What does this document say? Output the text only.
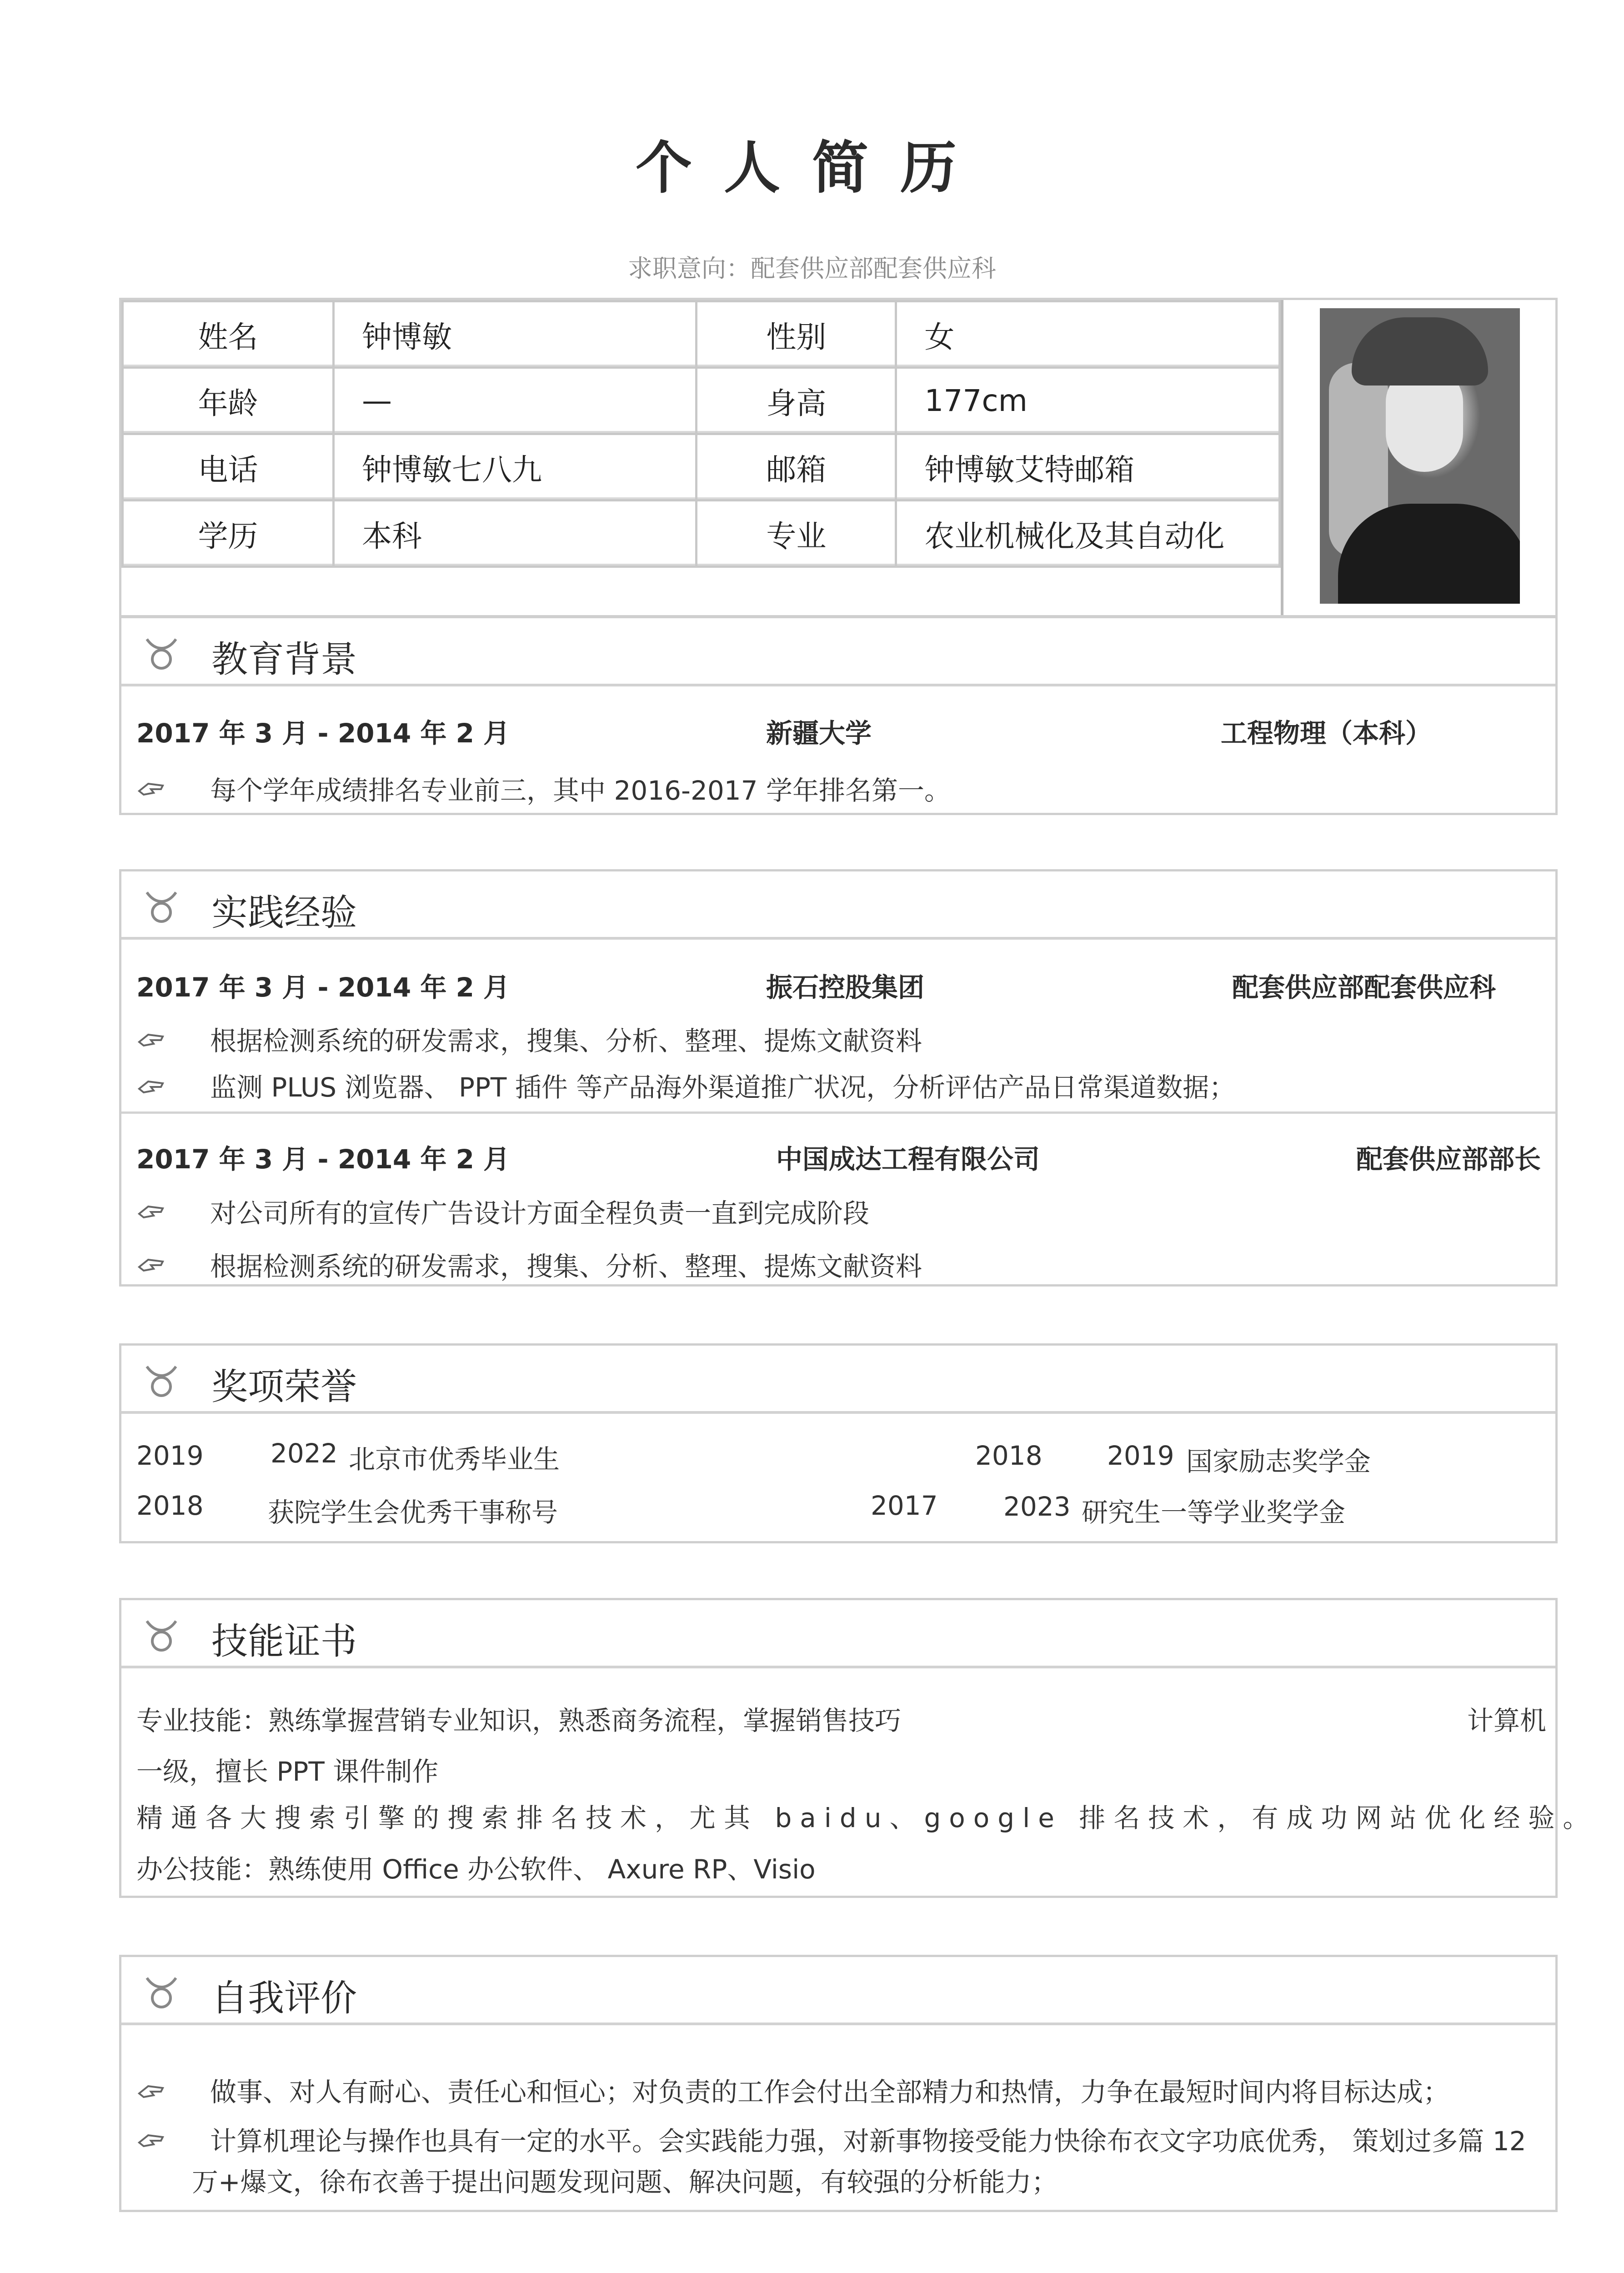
个人简历
求职意向：配套供应部配套供应科
姓名	钟博敏	性别	女
年龄	—	身高	177cm
电话	钟博敏七八九	邮箱	钟博敏艾特邮箱
学历	本科	专业	农业机械化及其自动化
教育背景
2017 年 3 月 - 2014 年 2 月	新疆大学	工程物理（本科）
每个学年成绩排名专业前三，其中 2016-2017 学年排名第一。
实践经验
2017 年 3 月 - 2014 年 2 月	振石控股集团	配套供应部配套供应科
根据检测系统的研发需求，搜集、分析、整理、提炼文献资料
监测 PLUS 浏览器、 PPT 插件 等产品海外渠道推广状况，分析评估产品日常渠道数据；
2017 年 3 月 - 2014 年 2 月	中国成达工程有限公司	配套供应部部长
对公司所有的宣传广告设计方面全程负责一直到完成阶段
根据检测系统的研发需求，搜集、分析、整理、提炼文献资料
奖项荣誉
2019	2022 北京市优秀毕业生	2018 2019 国家励志奖学金
2018 获院学生会优秀干事称号	2017 2023 研究生一等学业奖学金
技能证书
专业技能：熟练掌握营销专业知识，熟悉商务流程，掌握销售技巧	计算机
一级，擅长 PPT 课件制作
精通各大搜索引擎的搜索排名技术，尤其 baidu、google 排名技术，有成功网站优化经验。
办公技能：熟练使用 Office 办公软件、 Axure RP、Visio
自我评价
做事、对人有耐心、责任心和恒心；对负责的工作会付出全部精力和热情，力争在最短时间内将目标达成；
计算机理论与操作也具有一定的水平。会实践能力强，对新事物接受能力快徐布衣文字功底优秀， 策划过多篇 12
万+爆文，徐布衣善于提出问题发现问题、解决问题，有较强的分析能力；
